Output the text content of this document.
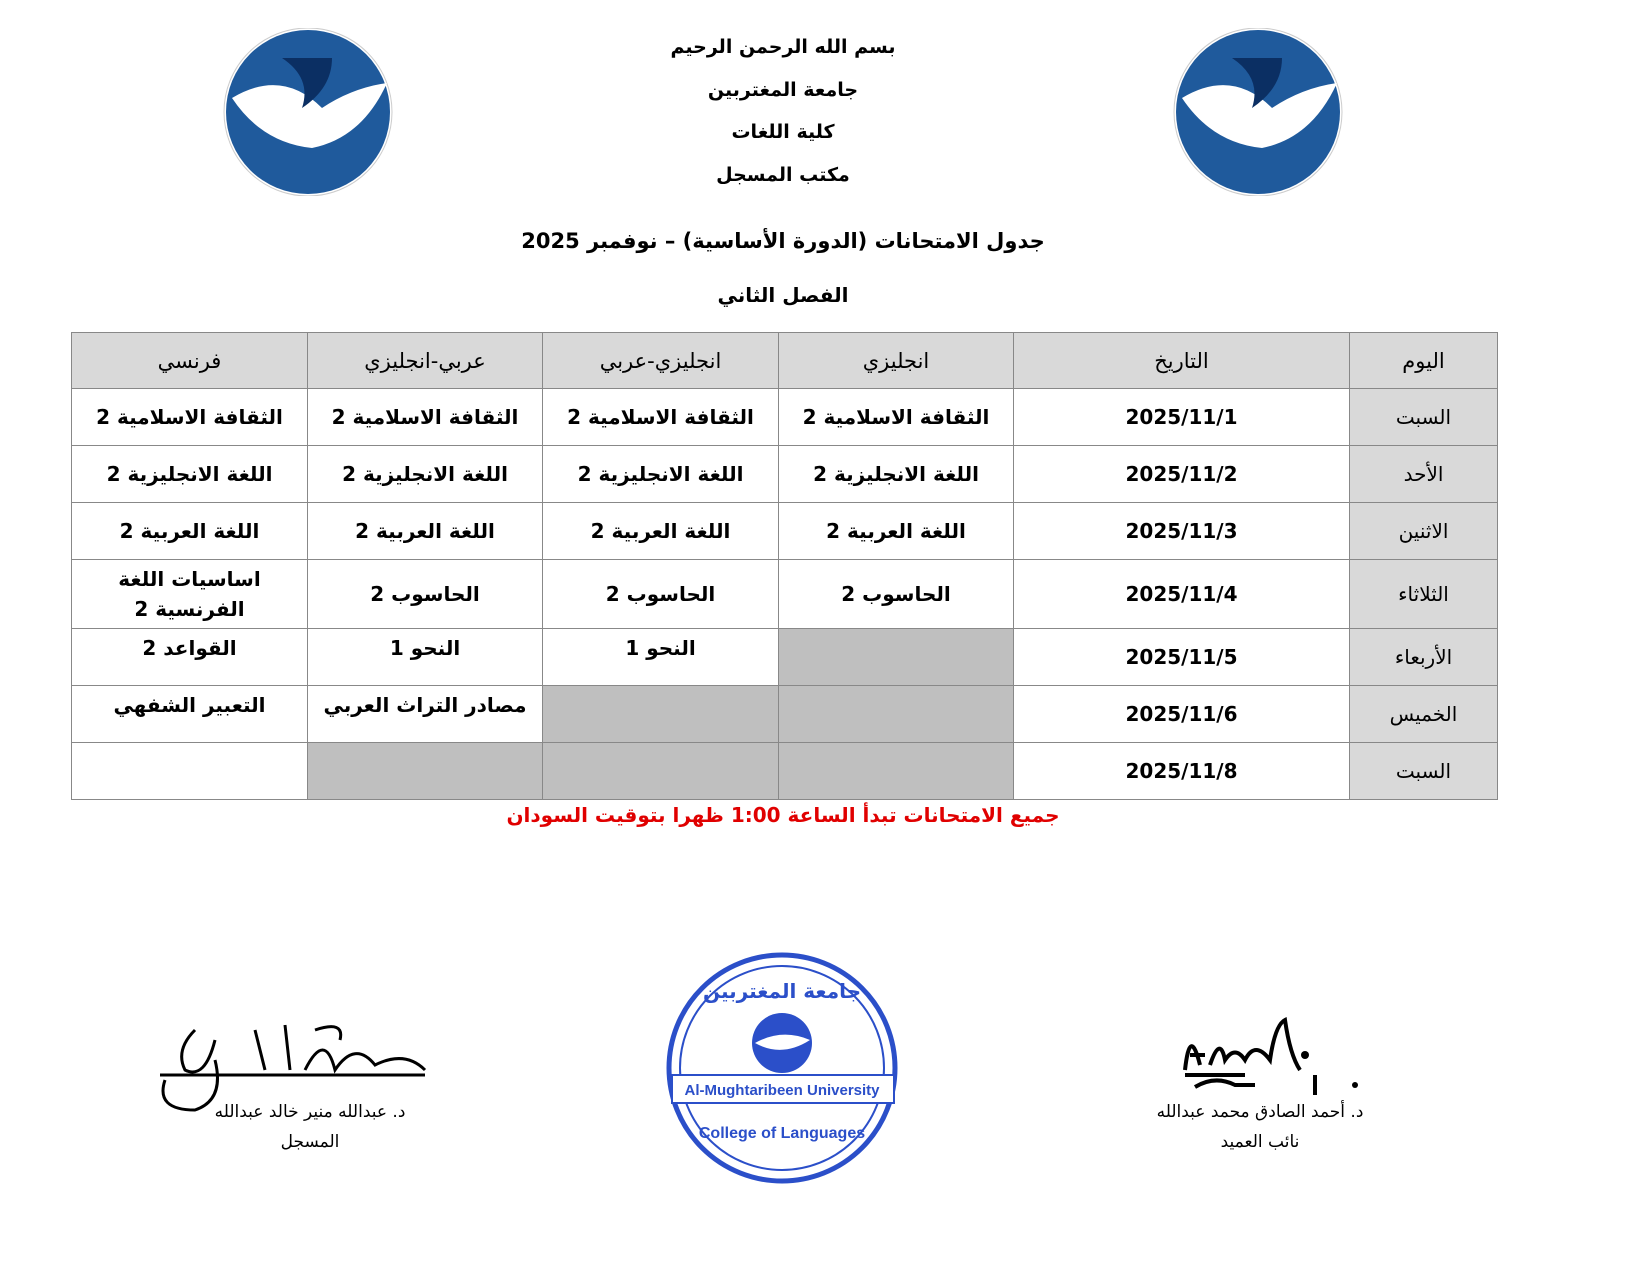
بسم الله الرحمن الرحيم
جامعة المغتربين
كلية اللغات
مكتب المسجل
جدول الامتحانات (الدورة الأساسية) – نوفمبر 2025
الفصل الثاني
اليوم	التاريخ	انجليزي	انجليزي-عربي	عربي-انجليزي	فرنسي
السبت	2025/11/1	الثقافة الاسلامية 2	الثقافة الاسلامية 2	الثقافة الاسلامية 2	الثقافة الاسلامية 2
الأحد	2025/11/2	اللغة الانجليزية 2	اللغة الانجليزية 2	اللغة الانجليزية 2	اللغة الانجليزية 2
الاثنين	2025/11/3	اللغة العربية 2	اللغة العربية 2	اللغة العربية 2	اللغة العربية 2
الثلاثاء	2025/11/4	الحاسوب 2	الحاسوب 2	الحاسوب 2	اساسيات اللغة الفرنسية 2
الأربعاء	2025/11/5		النحو 1	النحو 1	القواعد 2
الخميس	2025/11/6			مصادر التراث العربي	التعبير الشفهي
السبت	2025/11/8				
جميع الامتحانات تبدأ الساعة 1:00 ظهرا بتوقيت السودان
د. عبدالله منير خالد عبدالله
المسجل
د. أحمد الصادق محمد عبدالله
نائب العميد
جامعة المغتربين
Al-Mughtaribeen University
College of Languages
